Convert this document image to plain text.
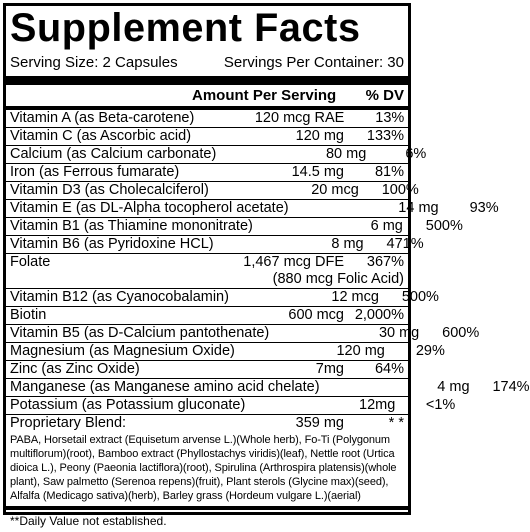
Supplement Facts
Serving Size: 2 Capsules	Servings Per Container: 30
Amount Per Serving	% DV
Vitamin A (as Beta-carotene)	120 mcg RAE	13%
Vitamin C (as Ascorbic acid)	120 mg	133%
Calcium (as Calcium carbonate)	80 mg	6%
Iron (as Ferrous fumarate)	14.5 mg	81%
Vitamin D3 (as Cholecalciferol)	20 mcg	100%
Vitamin E (as DL-Alpha tocopherol acetate)	14 mg	93%
Vitamin B1 (as Thiamine mononitrate)	6 mg	500%
Vitamin B6 (as Pyridoxine HCL)	8 mg	471%
Folate	1,467 mcg DFE	367%
(880 mcg Folic Acid)
Vitamin B12 (as Cyanocobalamin)	12 mcg	500%
Biotin	600 mcg 2,000%
Vitamin B5 (as D-Calcium pantothenate)	30 mg	600%
Magnesium (as Magnesium Oxide)	120 mg	29%
Zinc (as Zinc Oxide)	7mg	64%
Manganese (as Manganese amino acid chelate)	4 mg	174%
Potassium (as Potassium gluconate)	12mg	<1%
Proprietary Blend:	359 mg	* *
PABA, Horsetail extract (Equisetum arvense L.)(Whole herb), Fo-Ti (Polygonum multiflorum)(root), Bamboo extract (Phyllostachys viridis)(leaf), Nettle root (Urtica dioica L.), Peony (Paeonia lactiflora)(root), Spirulina (Arthrospira platensis)(whole plant), Saw palmetto (Serenoa repens)(fruit), Plant sterols (Glycine max)(seed), Alfalfa (Medicago sativa)(herb), Barley grass (Hordeum vulgare L.)(aerial)
**Daily Value not established.
